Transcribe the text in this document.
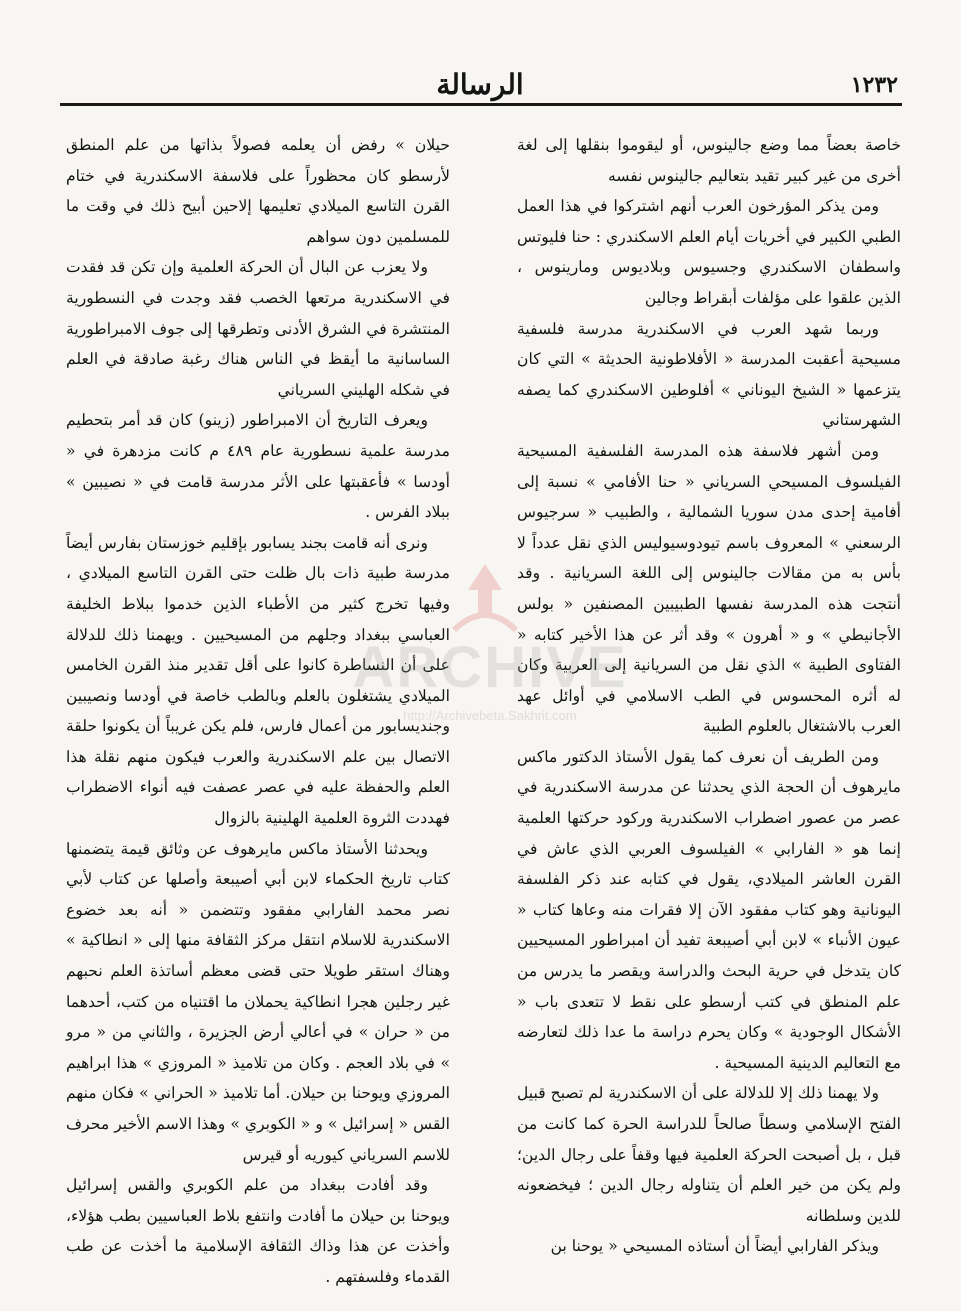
١٢٣٢
الرسالة

خاصة بعضاً مما وضع جالينوس، أو ليقوموا بنقلها إلى لغة أخرى من غير كبير تقيد بتعاليم جالينوس نفسه

ومن يذكر المؤرخون العرب أنهم اشتركوا في هذا العمل الطبي الكبير في أخريات أيام العلم الاسكندري : حنا فليوتس واسطفان الاسكندري وجسيوس وبلاديوس ومارينوس ، الذين علقوا على مؤلفات أبقراط وجالين

وربما شهد العرب في الاسكندرية مدرسة فلسفية مسيحية أعقبت المدرسة « الأفلاطونية الحديثة » التي كان يتزعمها « الشيخ اليوناني » أفلوطين الاسكندري كما يصفه الشهرستاني

ومن أشهر فلاسفة هذه المدرسة الفلسفية المسيحية الفيلسوف المسيحي السرياني « حنا الأفامي » نسبة إلى أفامية إحدى مدن سوريا الشمالية ، والطبيب « سرجيوس الرسعني » المعروف باسم تيودوسيوليس الذي نقل عدداً لا بأس به من مقالات جالينوس إلى اللغة السريانية . وقد أنتجت هذه المدرسة نفسها الطبيبين المصنفين « بولس الأجانيطي » و « أهرون » وقد أثر عن هذا الأخير كتابه « الفتاوى الطبية » الذي نقل من السريانية إلى العربية وكان له أثره المحسوس في الطب الاسلامي في أوائل عهد العرب بالاشتغال بالعلوم الطبية

ومن الطريف أن نعرف كما يقول الأستاذ الدكتور ماكس مايرهوف أن الحجة الذي يحدثنا عن مدرسة الاسكندرية في عصر من عصور اضطراب الاسكندرية وركود حركتها العلمية إنما هو « الفارابي » الفيلسوف العربي الذي عاش في القرن العاشر الميلادي، يقول في كتابه عند ذكر الفلسفة اليونانية وهو كتاب مفقود الآن إلا فقرات منه وعاها كتاب « عيون الأنباء » لابن أبي أصيبعة تفيد أن امبراطور المسيحيين كان يتدخل في حرية البحث والدراسة ويقصر ما يدرس من علم المنطق في كتب أرسطو على نقط لا تتعدى باب « الأشكال الوجودية » وكان يحرم دراسة ما عدا ذلك لتعارضه مع التعاليم الدينية المسيحية .

ولا يهمنا ذلك إلا للدلالة على أن الاسكندرية لم تصبح قبيل الفتح الإسلامي وسطاً صالحاً للدراسة الحرة كما كانت من قبل ، بل أصبحت الحركة العلمية فيها وقفاً على رجال الدين؛ ولم يكن من خير العلم أن يتناوله رجال الدين ؛ فيخضعونه للدين وسلطانه

ويذكر الفارابي أيضاً أن أستاذه المسيحي « يوحنا بن

حيلان » رفض أن يعلمه فصولاً بذاتها من علم المنطق لأرسطو كان محظوراً على فلاسفة الاسكندرية في ختام القرن التاسع الميلادي تعليمها إلاحين أبيح ذلك في وقت ما للمسلمين دون سواهم

ولا يعزب عن البال أن الحركة العلمية وإن تكن قد فقدت في الاسكندرية مرتعها الخصب فقد وجدت في النسطورية المنتشرة في الشرق الأدنى وتطرقها إلى جوف الامبراطورية الساسانية ما أيقظ في الناس هناك رغبة صادقة في العلم في شكله الهليني السرياني

ويعرف التاريخ أن الامبراطور (زينو) كان قد أمر بتحطيم مدرسة علمية نسطورية عام ٤٨٩ م كانت مزدهرة في « أودسا » فأعقبتها على الأثر مدرسة قامت في « نصيبين » ببلاد الفرس .

ونرى أنه قامت بجند يسابور بإقليم خوزستان بفارس أيضاً مدرسة طبية ذات بال ظلت حتى القرن التاسع الميلادي ، وفيها تخرج كثير من الأطباء الذين خدموا ببلاط الخليفة العباسي ببغداد وجلهم من المسيحيين . ويهمنا ذلك للدلالة على أن النساطرة كانوا على أقل تقدير منذ القرن الخامس الميلادي يشتغلون بالعلم وبالطب خاصة في أودسا ونصيبين وجنديسابور من أعمال فارس، فلم يكن غريباً أن يكونوا حلقة الاتصال بين علم الاسكندرية والعرب فيكون منهم نقلة هذا العلم والحفظة عليه في عصر عصفت فيه أنواء الاضطراب فهددت الثروة العلمية الهلينية بالزوال

ويحدثنا الأستاذ ماكس مايرهوف عن وثائق قيمة يتضمنها كتاب تاريخ الحكماء لابن أبي أصيبعة وأصلها عن كتاب لأبي نصر محمد الفارابي مفقود وتتضمن « أنه بعد خضوع الاسكندرية للاسلام انتقل مركز الثقافة منها إلى « انطاكية » وهناك استقر طويلا حتى قضى معظم أساتذة العلم نحبهم غير رجلين هجرا انطاكية يحملان ما اقتنياه من كتب، أحدهما من « حران » في أعالي أرض الجزيرة ، والثاني من « مرو » في بلاد العجم . وكان من تلاميذ « المروزي » هذا ابراهيم المروزي ويوحنا بن حيلان. أما تلاميذ « الحراني » فكان منهم القس « إسرائيل » و « الكوبري » وهذا الاسم الأخير محرف للاسم السرياني كيوريه أو قيرس

وقد أفادت ببغداد من علم الكوبري والقس إسرائيل ويوحنا بن حيلان ما أفادت وانتفع بلاط العباسيين بطب هؤلاء، وأخذت عن هذا وذاك الثقافة الإسلامية ما أخذت عن طب القدماء وفلسفتهم .

ARCHIVE
http://Archivebeta.Sakhrit.com
